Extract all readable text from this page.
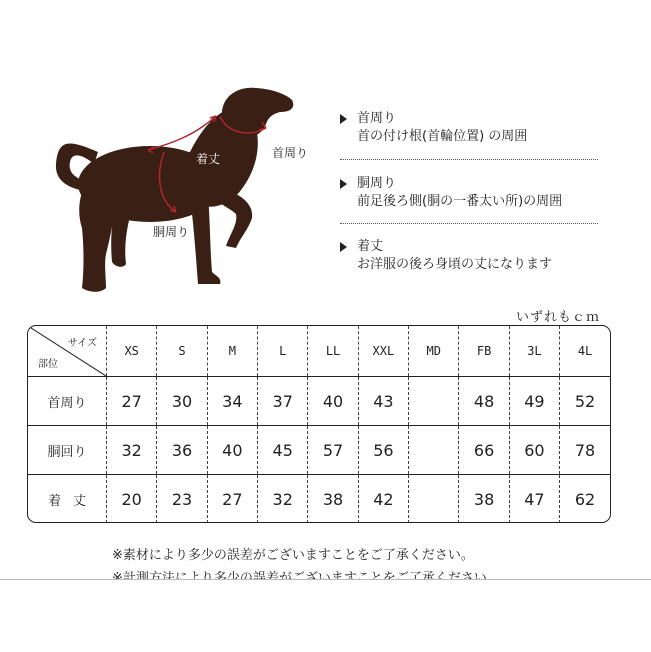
着丈	首周り
胴周り
首周り
首の付け根(首輪位置) の周囲
胴周り
前足後ろ側(胴の一番太い所)の周囲
着丈
お洋服の後ろ身頃の丈になります
いずれもｃｍ
サイズ
部位	XS	S	M	L	LL	XXL	MD	FB	3L	4L
首周り	27	30	34	37	40	43		48	49	52
胴回り	32	36	40	45	57	56		66	60	78
着丈	20	23	27	32	38	42		38	47	62
※素材により多少の誤差がございますことをご了承ください。
